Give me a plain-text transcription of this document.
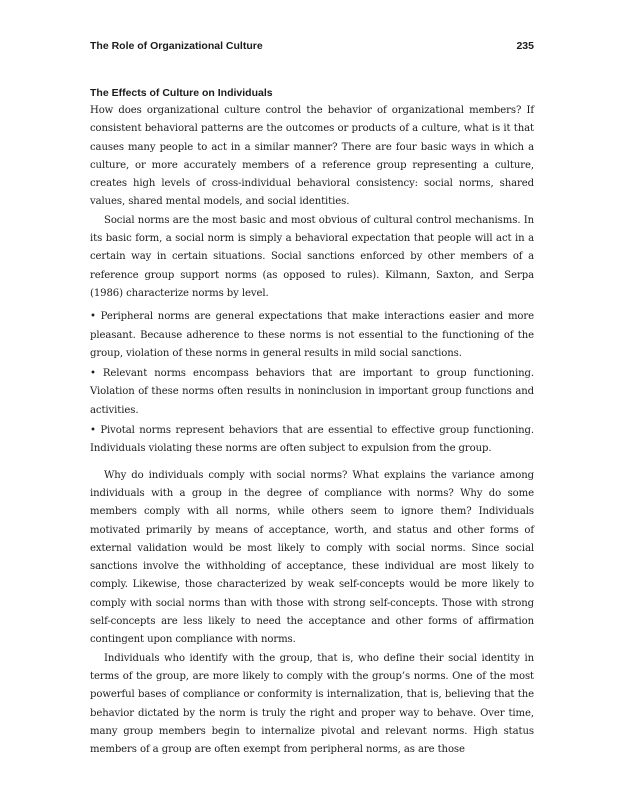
The Role of Organizational Culture	235
The Effects of Culture on Individuals

How does organizational culture control the behavior of organizational members? If consistent behavioral patterns are the outcomes or products of a culture, what is it that causes many people to act in a similar manner? There are four basic ways in which a culture, or more accurately members of a reference group representing a culture, creates high levels of cross-individual behavioral consistency: social norms, shared values, shared mental models, and social identities.

Social norms are the most basic and most obvious of cultural control mechanisms. In its basic form, a social norm is simply a behavioral expectation that people will act in a certain way in certain situations. Social sanctions enforced by other members of a reference group support norms (as opposed to rules). Kilmann, Saxton, and Serpa (1986) characterize norms by level.

• Peripheral norms are general expectations that make interactions easier and more pleasant. Because adherence to these norms is not essential to the functioning of the group, violation of these norms in general results in mild social sanctions.
• Relevant norms encompass behaviors that are important to group functioning. Violation of these norms often results in noninclusion in important group functions and activities.
• Pivotal norms represent behaviors that are essential to effective group functioning. Individuals violating these norms are often subject to expulsion from the group.

Why do individuals comply with social norms? What explains the variance among individuals with a group in the degree of compliance with norms? Why do some members comply with all norms, while others seem to ignore them? Individuals motivated primarily by means of acceptance, worth, and status and other forms of external validation would be most likely to comply with social norms. Since social sanctions involve the withholding of acceptance, these individual are most likely to comply. Likewise, those characterized by weak self-concepts would be more likely to comply with social norms than with those with strong self-concepts. Those with strong self-concepts are less likely to need the acceptance and other forms of affirmation contingent upon compliance with norms.

Individuals who identify with the group, that is, who define their social identity in terms of the group, are more likely to comply with the group’s norms. One of the most powerful bases of compliance or conformity is internalization, that is, believing that the behavior dictated by the norm is truly the right and proper way to behave. Over time, many group members begin to internalize pivotal and relevant norms. High status members of a group are often exempt from peripheral norms, as are those
